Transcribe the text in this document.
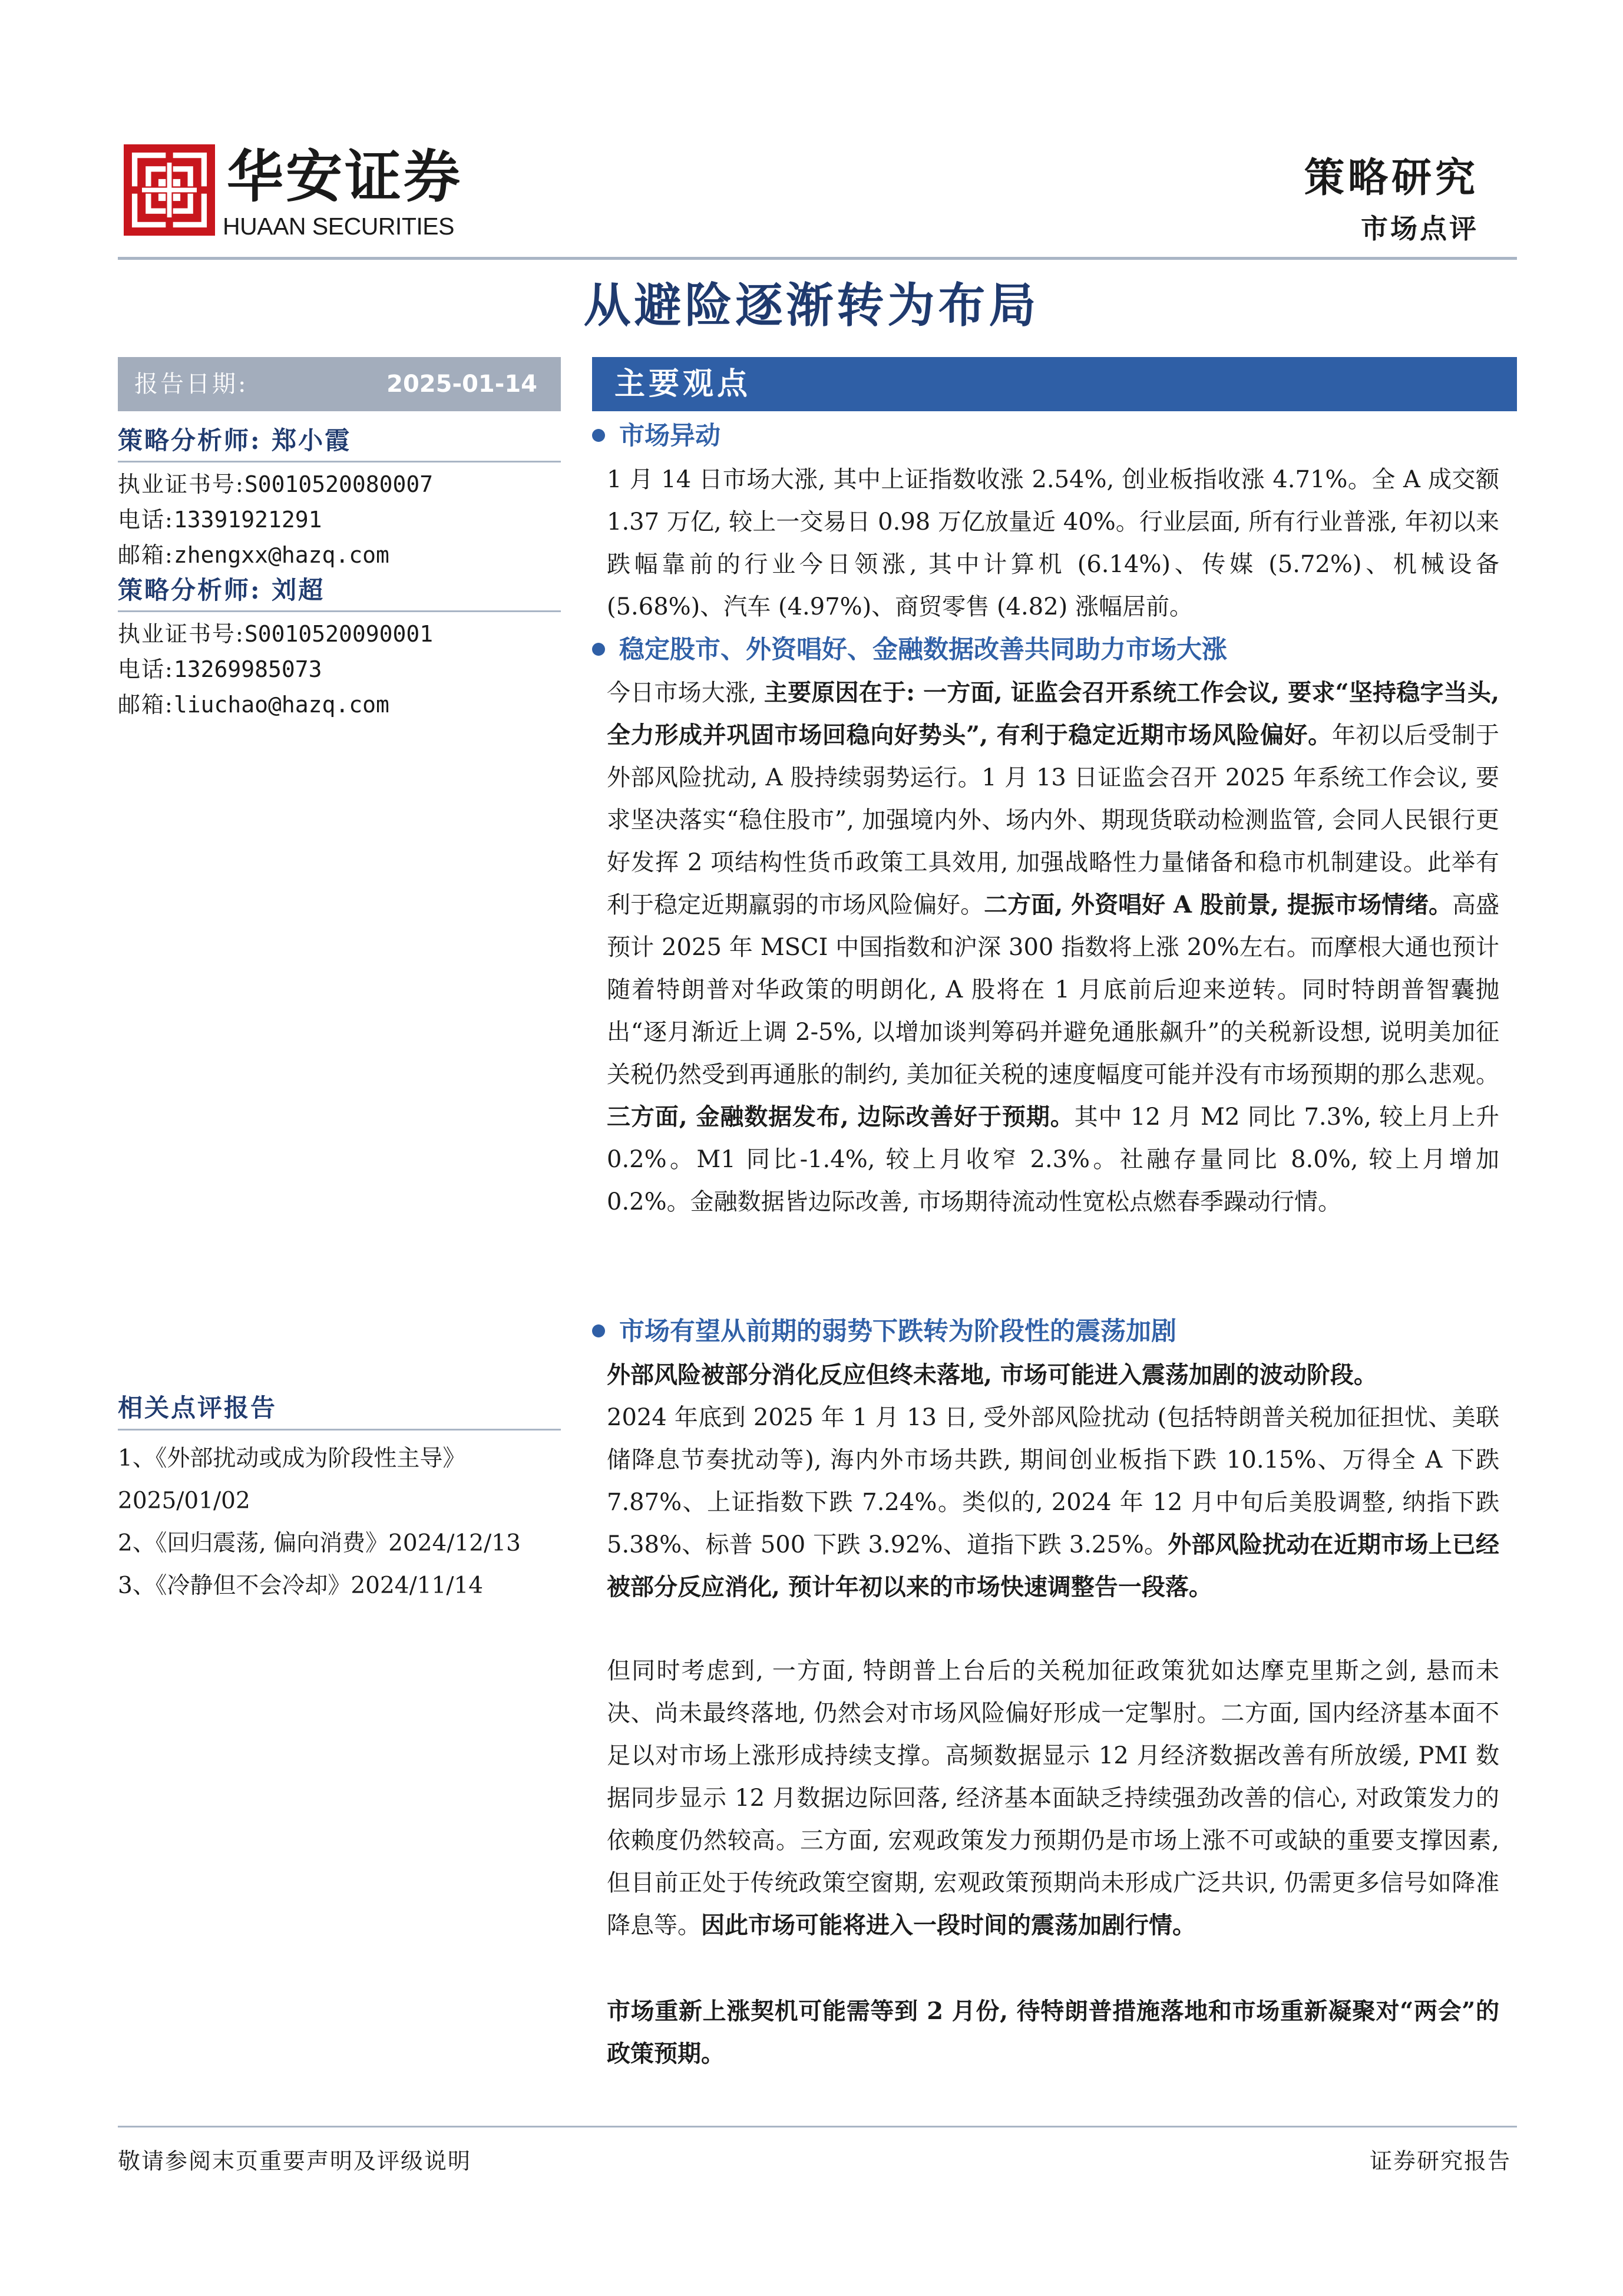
华安证券
HUAAN SECURITIES
策略研究
市场点评
从避险逐渐转为布局
报告日期:	2025-01-14
策略分析师: 郑小霞
执业证书号:S0010520080007
电话:13391921291
邮箱:zhengxx@hazq.com
策略分析师: 刘超
执业证书号:S0010520090001
电话:13269985073
邮箱:liuchao@hazq.com
相关点评报告
1、《外部扰动或成为阶段性主导》
2025/01/02
2、《回归震荡, 偏向消费》2024/12/13
3、《冷静但不会冷却》2024/11/14
主要观点
市场异动
1 月 14 日市场大涨, 其中上证指数收涨 2.54%, 创业板指收涨 4.71%。全 A 成交额 1.37 万亿, 较上一交易日 0.98 万亿放量近 40%。行业层面, 所有行业普涨, 年初以来跌幅靠前的行业今日领涨, 其中计算机 (6.14%)、传媒 (5.72%)、机械设备 (5.68%)、汽车 (4.97%)、商贸零售 (4.82) 涨幅居前。
稳定股市、外资唱好、金融数据改善共同助力市场大涨
今日市场大涨, 主要原因在于: 一方面, 证监会召开系统工作会议, 要求“坚持稳字当头, 全力形成并巩固市场回稳向好势头”, 有利于稳定近期市场风险偏好。年初以后受制于外部风险扰动, A 股持续弱势运行。1 月 13 日证监会召开 2025 年系统工作会议, 要求坚决落实“稳住股市”, 加强境内外、场内外、期现货联动检测监管, 会同人民银行更好发挥 2 项结构性货币政策工具效用, 加强战略性力量储备和稳市机制建设。此举有利于稳定近期羸弱的市场风险偏好。二方面, 外资唱好 A 股前景, 提振市场情绪。高盛预计 2025 年 MSCI 中国指数和沪深 300 指数将上涨 20%左右。而摩根大通也预计随着特朗普对华政策的明朗化, A 股将在 1 月底前后迎来逆转。同时特朗普智囊抛出“逐月渐近上调 2-5%, 以增加谈判筹码并避免通胀飙升”的关税新设想, 说明美加征关税仍然受到再通胀的制约, 美加征关税的速度幅度可能并没有市场预期的那么悲观。三方面, 金融数据发布, 边际改善好于预期。其中 12 月 M2 同比 7.3%, 较上月上升 0.2%。M1 同比-1.4%, 较上月收窄 2.3%。社融存量同比 8.0%, 较上月增加 0.2%。金融数据皆边际改善, 市场期待流动性宽松点燃春季躁动行情。
市场有望从前期的弱势下跌转为阶段性的震荡加剧
外部风险被部分消化反应但终未落地, 市场可能进入震荡加剧的波动阶段。
2024 年底到 2025 年 1 月 13 日, 受外部风险扰动 (包括特朗普关税加征担忧、美联储降息节奏扰动等), 海内外市场共跌, 期间创业板指下跌 10.15%、万得全 A 下跌 7.87%、上证指数下跌 7.24%。类似的, 2024 年 12 月中旬后美股调整, 纳指下跌 5.38%、标普 500 下跌 3.92%、道指下跌 3.25%。外部风险扰动在近期市场上已经被部分反应消化, 预计年初以来的市场快速调整告一段落。
但同时考虑到, 一方面, 特朗普上台后的关税加征政策犹如达摩克里斯之剑, 悬而未决、尚未最终落地, 仍然会对市场风险偏好形成一定掣肘。二方面, 国内经济基本面不足以对市场上涨形成持续支撑。高频数据显示 12 月经济数据改善有所放缓, PMI 数据同步显示 12 月数据边际回落, 经济基本面缺乏持续强劲改善的信心, 对政策发力的依赖度仍然较高。三方面, 宏观政策发力预期仍是市场上涨不可或缺的重要支撑因素, 但目前正处于传统政策空窗期, 宏观政策预期尚未形成广泛共识, 仍需更多信号如降准降息等。因此市场可能将进入一段时间的震荡加剧行情。
市场重新上涨契机可能需等到 2 月份, 待特朗普措施落地和市场重新凝聚对“两会”的政策预期。
敬请参阅末页重要声明及评级说明	证券研究报告
